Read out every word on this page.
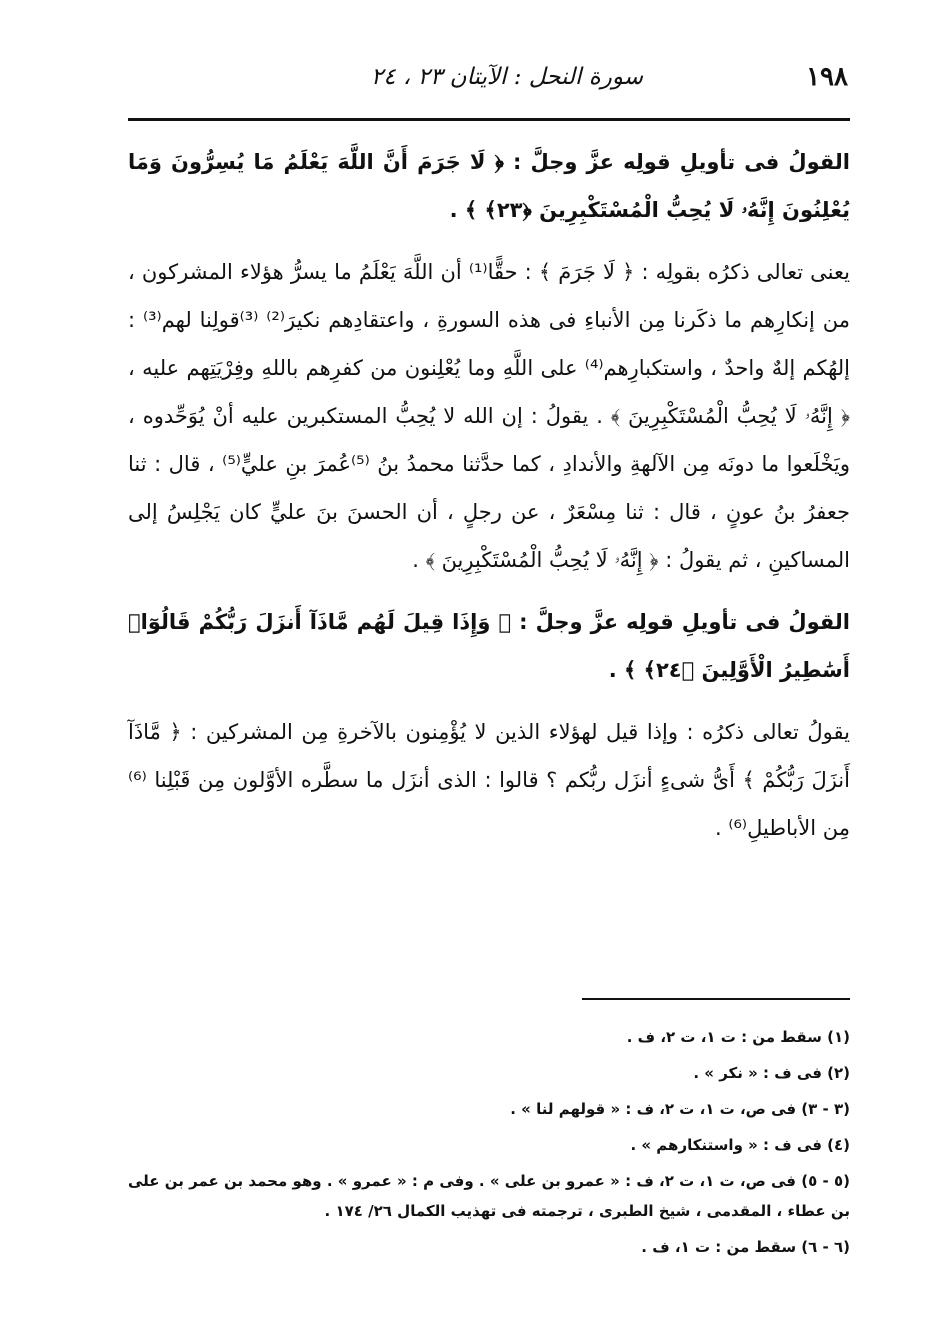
١٩٨
سورة النحل : الآيتان ٢٣ ، ٢٤

القولُ فى تأويلِ قولِه عزَّ وجلَّ : ﴿ لَا جَرَمَ أَنَّ اللَّهَ يَعْلَمُ مَا يُسِرُّونَ وَمَا يُعْلِنُونَ إِنَّهُۥ لَا يُحِبُّ الْمُسْتَكْبِرِينَ ﴿٢٣﴾ ﴾ .

يعنى تعالى ذكرُه بقولِه : ﴿ لَا جَرَمَ ﴾ : حقًّا⁽¹⁾ أن اللَّهَ يَعْلَمُ ما يسرُّ هؤلاء المشركون ، من إنكارِهم ما ذكَرنا مِن الأنباءِ فى هذه السورةِ ، واعتقادِهم نكيرَ⁽²⁾ ⁽³⁾قولِنا لهم⁽³⁾ : إلهُكم إلهٌ واحدٌ ، واستكبارِهم⁽⁴⁾ على اللَّهِ وما يُعْلِنون من كفرِهم باللهِ وفِرْيَتِهم عليه ، ﴿ إِنَّهُۥ لَا يُحِبُّ الْمُسْتَكْبِرِينَ ﴾ . يقولُ : إن الله لا يُحِبُّ المستكبرين عليه أنْ يُوَحِّدوه ، ويَخْلَعوا ما دونَه مِن الآلهةِ والأندادِ ، كما حدَّثنا محمدُ بنُ ⁽⁵⁾عُمرَ بنِ عليٍّ⁽⁵⁾ ، قال : ثنا جعفرُ بنُ عونٍ ، قال : ثنا مِسْعَرٌ ، عن رجلٍ ، أن الحسنَ بنَ عليٍّ كان يَجْلِسُ إلى المساكينِ ، ثم يقولُ : ﴿ إِنَّهُۥ لَا يُحِبُّ الْمُسْتَكْبِرِينَ ﴾ .

القولُ فى تأويلِ قولِه عزَّ وجلَّ : ﴿ وَإِذَا قِيلَ لَهُم مَّاذَآ أَنزَلَ رَبُّكُمْ قَالُوٓا۟ أَسَٰطِيرُ الْأَوَّلِينَ ﴿٢٤﴾ ﴾ .

يقولُ تعالى ذكرُه : وإذا قيل لهؤلاء الذين لا يُؤْمِنون بالآخرةِ مِن المشركين : ﴿ مَّاذَآ أَنزَلَ رَبُّكُمْ ﴾ أَىُّ شىءٍ أنزَل ربُّكم ؟ قالوا : الذى أنزَل ما سطَّره الأوَّلون مِن قَبْلِنا ⁽⁶⁾مِن الأباطيلِ⁽⁶⁾ .

(١) سقط من : ت ١، ت ٢، ف .

(٢) فى ف : « نكر » .

(٣ - ٣) فى ص، ت ١، ت ٢، ف : « قولهم لنا » .

(٤) فى ف : « واستنكارهم » .

(٥ - ٥) فى ص، ت ١، ت ٢، ف : « عمرو بن على » . وفى م : « عمرو » . وهو محمد بن عمر بن على بن عطاء ، المقدمى ، شيخ الطبرى ، ترجمته فى تهذيب الكمال ٢٦/ ١٧٤ .

(٦ - ٦) سقط من : ت ١، ف .
